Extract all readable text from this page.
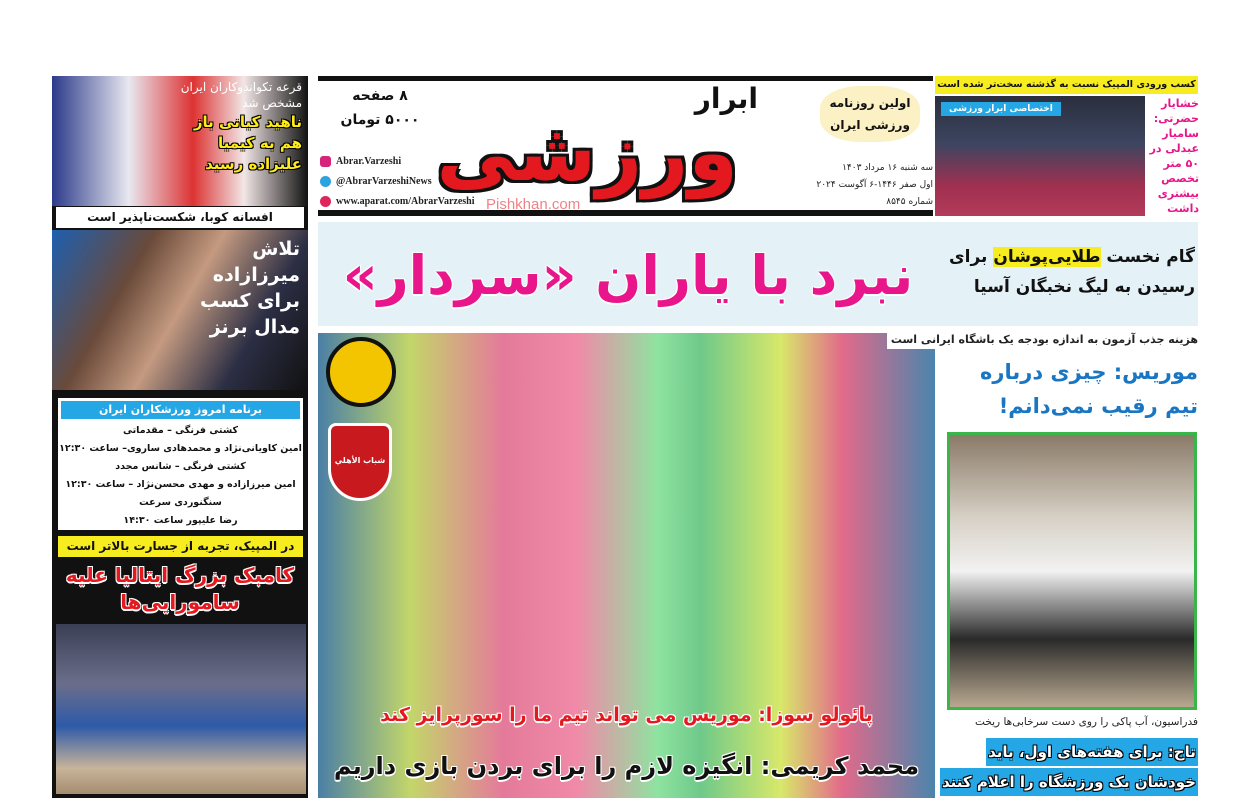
قرعه تکواندوکاران ایران مشخص شد
ناهید کیانی باز هم به کیمیا علیزاده رسید
افسانه کوبا، شکست‌ناپذیر است
تلاش میرزازاده برای کسب مدال برنز
برنامه امروز ورزشکاران ایران
کشتی فرنگی – مقدماتی
امین کاویانی‌نژاد و محمدهادی ساروی– ساعت ۱۲:۳۰
کشتی فرنگی – شانس مجدد
امین میرزازاده و مهدی محسن‌نژاد – ساعت ۱۲:۳۰
سنگنوردی سرعت
رضا علیپور ساعت ۱۴:۳۰
در المپیک، تجربه از جسارت بالاتر است
کامبک بزرگ ایتالیا علیه سامورایی‌ها
۸ صفحه
۵۰۰۰ تومان
Abrar.Varzeshi
@AbrarVarzeshiNews
www.aparat.com/AbrarVarzeshi
ابرار
ورزشی
Pishkhan.com
اولین روزنامه
ورزشی ایران
سه شنبه ۱۶ مرداد ۱۴۰۳
اول صفر ۱۴۴۶-۶ آگوست ۲۰۲۴
شماره ۸۵۴۵
اختصاصی ابرار ورزشی
کسب ورودی المپیک نسبت به گذشته سخت‌تر شده است
خشایار حضرتی: سامیار عبدلی در ۵۰ متر تخصص بیشتری داشت
گام نخست طلایی‌پوشان برای رسیدن به لیگ نخبگان آسیا
شباب الأهلي
نبرد با یاران «سردار»
هزینه جذب آزمون به اندازه بودجه یک باشگاه ایرانی است
پائولو سوزا: موریس می تواند تیم ما را سورپرایز کند
محمد کریمی: انگیزه لازم را برای بردن بازی داریم
موریس: چیزی درباره تیم رقیب نمی‌دانم!
فدراسیون، آب پاکی را روی دست سرخابی‌ها ریخت
تاج: برای هفته‌های اول، باید
خودشان یک ورزشگاه را اعلام کنند
